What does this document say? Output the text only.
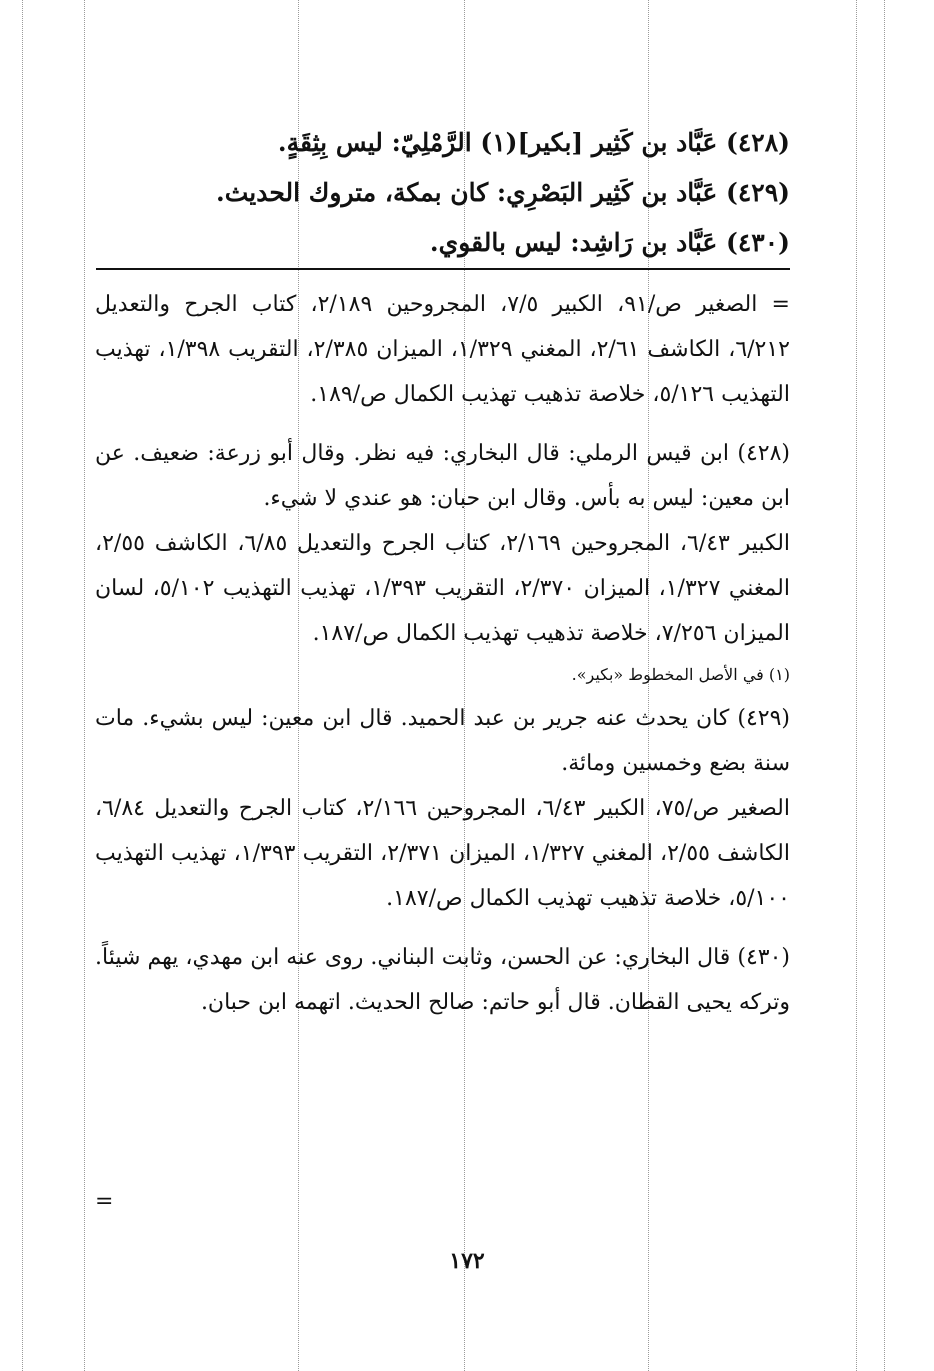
(٤٢٨) عَبَّاد بن كَثِير [بكير](١) الرَّمْلِيّ: ليس بِثِقَةٍ.
(٤٢٩) عَبَّاد بن كَثِير البَصْرِي: كان بمكة، متروك الحديث.
(٤٣٠) عَبَّاد بن رَاشِد: ليس بالقوي.

= الصغير ص/٩١، الكبير ٧/٥، المجروحين ٢/١٨٩، كتاب الجرح والتعديل ٦/٢١٢، الكاشف ٢/٦١، المغني ١/٣٢٩، الميزان ٢/٣٨٥، التقريب ١/٣٩٨، تهذيب التهذيب ٥/١٢٦، خلاصة تذهيب تهذيب الكمال ص/١٨٩.

(٤٢٨) ابن قيس الرملي: قال البخاري: فيه نظر. وقال أبو زرعة: ضعيف. عن ابن معين: ليس به بأس. وقال ابن حبان: هو عندي لا شيء.

الكبير ٦/٤٣، المجروحين ٢/١٦٩، كتاب الجرح والتعديل ٦/٨٥، الكاشف ٢/٥٥، المغني ١/٣٢٧، الميزان ٢/٣٧٠، التقريب ١/٣٩٣، تهذيب التهذيب ٥/١٠٢، لسان الميزان ٧/٢٥٦، خلاصة تذهيب تهذيب الكمال ص/١٨٧.

(١) في الأصل المخطوط «بكير».

(٤٢٩) كان يحدث عنه جرير بن عبد الحميد. قال ابن معين: ليس بشيء. مات سنة بضع وخمسين ومائة.

الصغير ص/٧٥، الكبير ٦/٤٣، المجروحين ٢/١٦٦، كتاب الجرح والتعديل ٦/٨٤، الكاشف ٢/٥٥، المغني ١/٣٢٧، الميزان ٢/٣٧١، التقريب ١/٣٩٣، تهذيب التهذيب ٥/١٠٠، خلاصة تذهيب تهذيب الكمال ص/١٨٧.

(٤٣٠) قال البخاري: عن الحسن، وثابت البناني. روى عنه ابن مهدي، يهم شيئاً. وتركه يحيى القطان. قال أبو حاتم: صالح الحديث. اتهمه ابن حبان.

=
١٧٢
